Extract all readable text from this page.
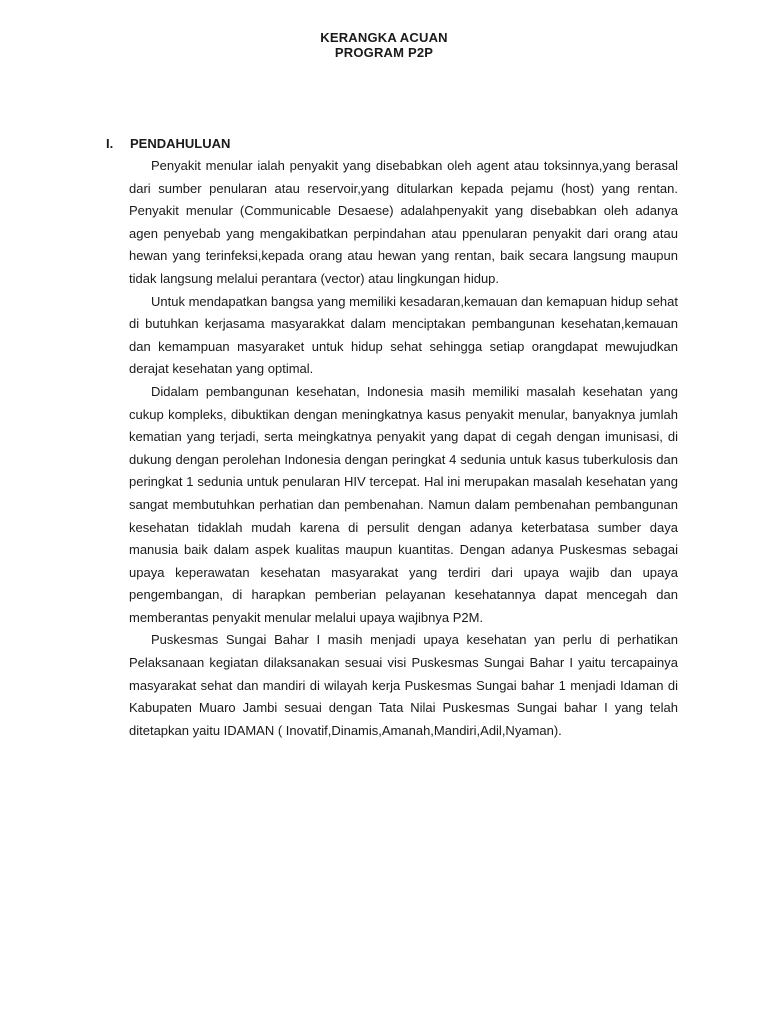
KERANGKA ACUAN
PROGRAM P2P
I. PENDAHULUAN

Penyakit menular ialah penyakit yang disebabkan oleh agent atau toksinnya,yang berasal dari sumber penularan atau reservoir,yang ditularkan kepada pejamu (host) yang rentan. Penyakit menular (Communicable Desaese) adalahpenyakit yang disebabkan oleh adanya agen penyebab yang mengakibatkan perpindahan atau ppenularan penyakit dari orang atau hewan yang terinfeksi,kepada orang atau hewan yang rentan, baik secara langsung maupun tidak langsung melalui perantara (vector) atau lingkungan hidup.

Untuk mendapatkan bangsa yang memiliki kesadaran,kemauan dan kemapuan hidup sehat di butuhkan kerjasama masyarakkat dalam menciptakan pembangunan kesehatan,kemauan dan kemampuan masyaraket untuk hidup sehat sehingga setiap orangdapat mewujudkan derajat kesehatan yang optimal.

Didalam pembangunan kesehatan, Indonesia masih memiliki masalah kesehatan yang cukup kompleks, dibuktikan dengan meningkatnya kasus penyakit menular, banyaknya jumlah kematian yang terjadi, serta meingkatnya penyakit yang dapat di cegah dengan imunisasi, di dukung dengan perolehan Indonesia dengan peringkat 4 sedunia untuk kasus tuberkulosis dan peringkat 1 sedunia untuk penularan HIV tercepat. Hal ini merupakan masalah kesehatan yang sangat membutuhkan perhatian dan pembenahan. Namun dalam pembenahan pembangunan kesehatan tidaklah mudah karena di persulit dengan adanya keterbatasa sumber daya manusia baik dalam aspek kualitas maupun kuantitas. Dengan adanya Puskesmas sebagai upaya keperawatan kesehatan masyarakat yang terdiri dari upaya wajib dan upaya pengembangan, di harapkan pemberian pelayanan kesehatannya dapat mencegah dan memberantas penyakit menular melalui upaya wajibnya P2M.

Puskesmas Sungai Bahar I masih menjadi upaya kesehatan yan perlu di perhatikan Pelaksanaan kegiatan dilaksanakan sesuai visi Puskesmas Sungai Bahar I yaitu tercapainya masyarakat sehat dan mandiri di wilayah kerja Puskesmas Sungai bahar 1 menjadi Idaman di Kabupaten Muaro Jambi sesuai dengan Tata Nilai Puskesmas Sungai bahar I yang telah ditetapkan yaitu IDAMAN ( Inovatif,Dinamis,Amanah,Mandiri,Adil,Nyaman).
